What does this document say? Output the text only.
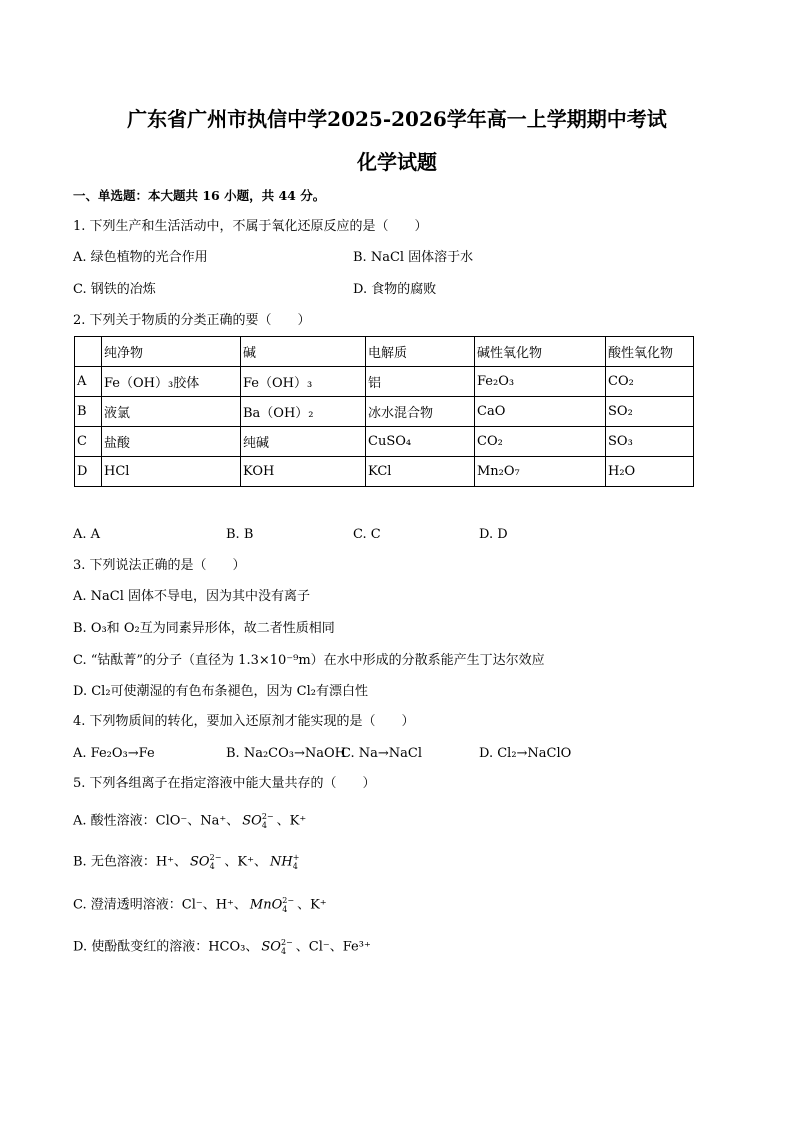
广东省广州市执信中学2025-2026学年高一上学期期中考试
化学试题
一、单选题：本大题共 16 小题，共 44 分。
1. 下列生产和生活活动中，不属于氧化还原反应的是（　　）
A. 绿色植物的光合作用	B. NaCl 固体溶于水
C. 钢铁的冶炼	D. 食物的腐败
2. 下列关于物质的分类正确的要（　　）
	纯净物	碱	电解质	碱性氧化物	酸性氧化物
A	Fe（OH）₃胶体	Fe（OH）₃	铝	Fe₂O₃	CO₂
B	液氯	Ba（OH）₂	冰水混合物	CaO	SO₂
C	盐酸	纯碱	CuSO₄	CO₂	SO₃
D	HCl	KOH	KCl	Mn₂O₇	H₂O
A. A	B. B	C. C	D. D
3. 下列说法正确的是（　　）
A. NaCl 固体不导电，因为其中没有离子
B. O₃和 O₂互为同素异形体，故二者性质相同
C. “钴酞菁”的分子（直径为 1.3×10⁻⁹m）在水中形成的分散系能产生丁达尔效应
D. Cl₂可使潮湿的有色布条褪色，因为 Cl₂有漂白性
4. 下列物质间的转化，要加入还原剂才能实现的是（　　）
A. Fe₂O₃→Fe	B. Na₂CO₃→NaOH
C. Na→NaCl	D. Cl₂→NaClO
5. 下列各组离子在指定溶液中能大量共存的（　　）
A. 酸性溶液：ClO⁻、Na⁺、 SO2−
4 、K⁺
B. 无色溶液：H⁺、 SO2−
4 、K⁺、 NH+
4
C. 澄清透明溶液：Cl⁻、H⁺、 MnO2−
4 、K⁺
D. 使酚酞变红的溶液：HCO₃、 SO2−
4 、Cl⁻、Fe³⁺
